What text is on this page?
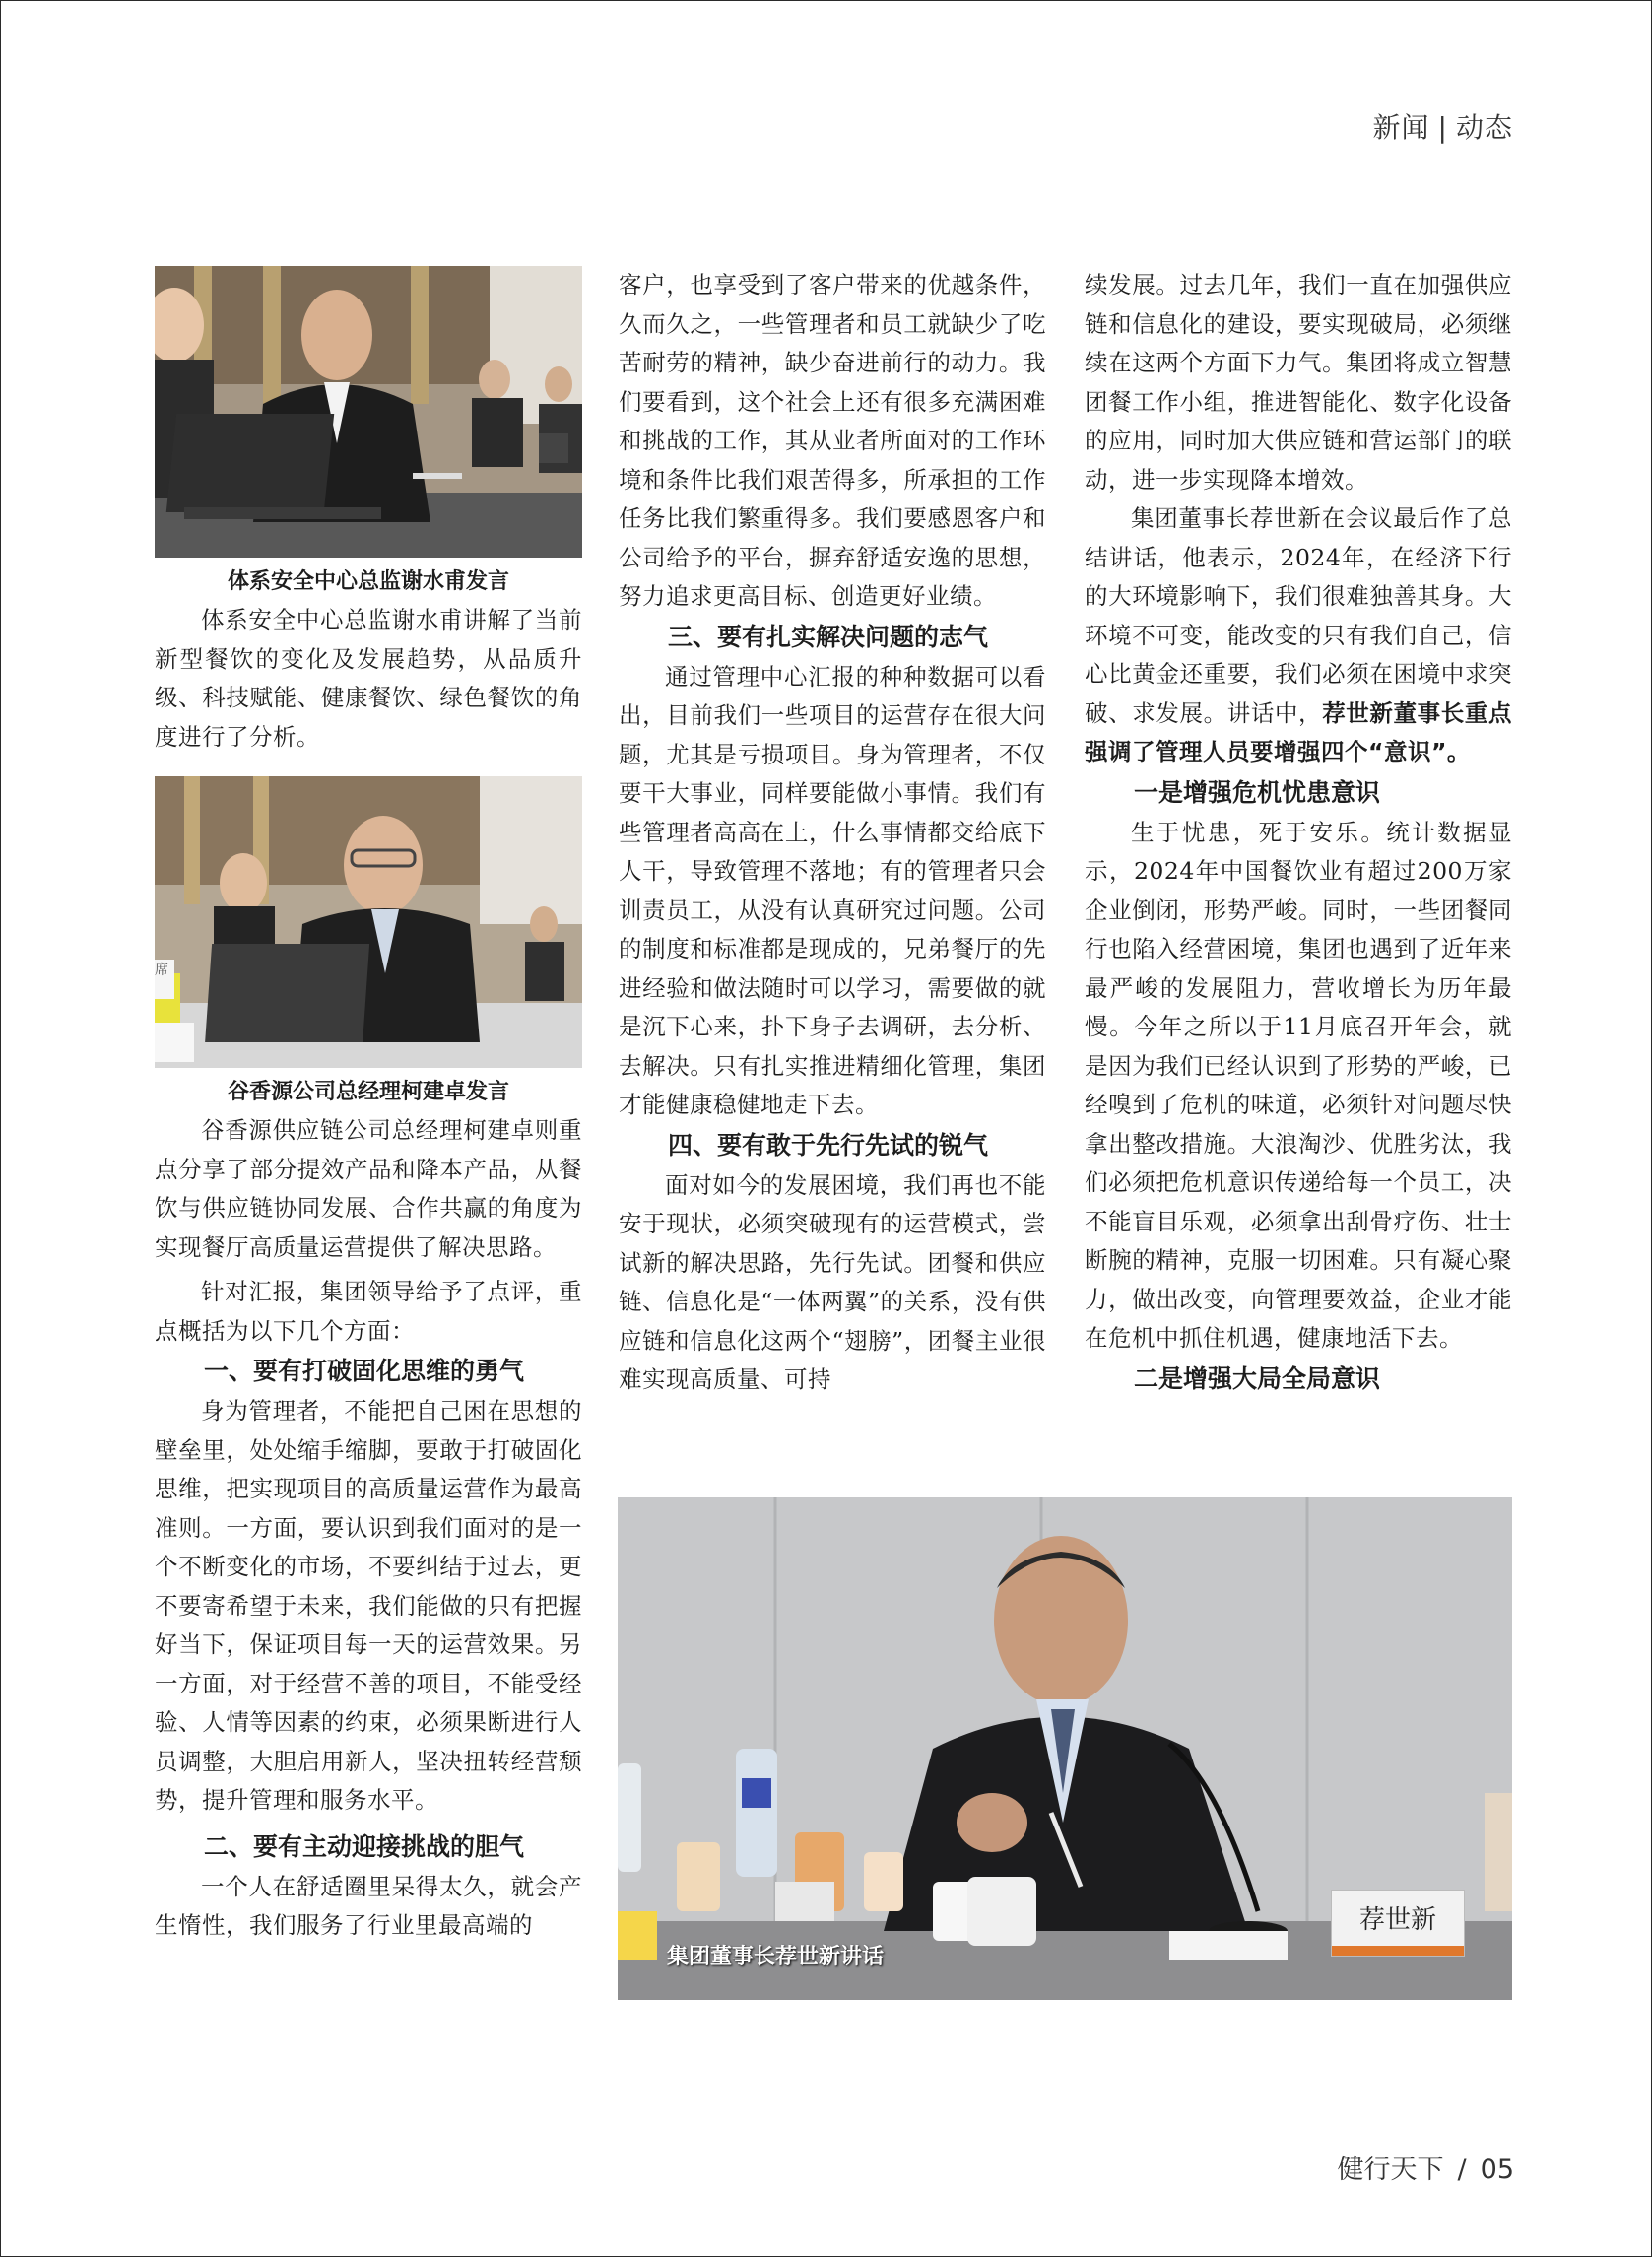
新闻 | 动态
体系安全中心总监谢水甫发言

体系安全中心总监谢水甫讲解了当前新型餐饮的变化及发展趋势，从品质升级、科技赋能、健康餐饮、绿色餐饮的角度进行了分析。

席
谷香源公司总经理柯建卓发言

谷香源供应链公司总经理柯建卓则重点分享了部分提效产品和降本产品，从餐饮与供应链协同发展、合作共赢的角度为实现餐厅高质量运营提供了解决思路。

针对汇报，集团领导给予了点评，重点概括为以下几个方面：

一、要有打破固化思维的勇气

身为管理者，不能把自己困在思想的壁垒里，处处缩手缩脚，要敢于打破固化思维，把实现项目的高质量运营作为最高准则。一方面，要认识到我们面对的是一个不断变化的市场，不要纠结于过去，更不要寄希望于未来，我们能做的只有把握好当下，保证项目每一天的运营效果。另一方面，对于经营不善的项目，不能受经验、人情等因素的约束，必须果断进行人员调整，大胆启用新人，坚决扭转经营颓势，提升管理和服务水平。

二、要有主动迎接挑战的胆气

一个人在舒适圈里呆得太久，就会产生惰性，我们服务了行业里最高端的

客户，也享受到了客户带来的优越条件，久而久之，一些管理者和员工就缺少了吃苦耐劳的精神，缺少奋进前行的动力。我们要看到，这个社会上还有很多充满困难和挑战的工作，其从业者所面对的工作环境和条件比我们艰苦得多，所承担的工作任务比我们繁重得多。我们要感恩客户和公司给予的平台，摒弃舒适安逸的思想，努力追求更高目标、创造更好业绩。

三、要有扎实解决问题的志气

通过管理中心汇报的种种数据可以看出，目前我们一些项目的运营存在很大问题，尤其是亏损项目。身为管理者，不仅要干大事业，同样要能做小事情。我们有些管理者高高在上，什么事情都交给底下人干，导致管理不落地；有的管理者只会训责员工，从没有认真研究过问题。公司的制度和标准都是现成的，兄弟餐厅的先进经验和做法随时可以学习，需要做的就是沉下心来，扑下身子去调研，去分析、去解决。只有扎实推进精细化管理，集团才能健康稳健地走下去。

四、要有敢于先行先试的锐气

面对如今的发展困境，我们再也不能安于现状，必须突破现有的运营模式，尝试新的解决思路，先行先试。团餐和供应链、信息化是“一体两翼”的关系，没有供应链和信息化这两个“翅膀”，团餐主业很难实现高质量、可持

续发展。过去几年，我们一直在加强供应链和信息化的建设，要实现破局，必须继续在这两个方面下力气。集团将成立智慧团餐工作小组，推进智能化、数字化设备的应用，同时加大供应链和营运部门的联动，进一步实现降本增效。

集团董事长荐世新在会议最后作了总结讲话，他表示，2024年，在经济下行的大环境影响下，我们很难独善其身。大环境不可变，能改变的只有我们自己，信心比黄金还重要，我们必须在困境中求突破、求发展。讲话中，荐世新董事长重点强调了管理人员要增强四个“意识”。

一是增强危机忧患意识

生于忧患，死于安乐。统计数据显示，2024年中国餐饮业有超过200万家企业倒闭，形势严峻。同时，一些团餐同行也陷入经营困境，集团也遇到了近年来最严峻的发展阻力，营收增长为历年最慢。今年之所以于11月底召开年会，就是因为我们已经认识到了形势的严峻，已经嗅到了危机的味道，必须针对问题尽快拿出整改措施。大浪淘沙、优胜劣汰，我们必须把危机意识传递给每一个员工，决不能盲目乐观，必须拿出刮骨疗伤、壮士断腕的精神，克服一切困难。只有凝心聚力，做出改变，向管理要效益，企业才能在危机中抓住机遇，健康地活下去。

二是增强大局全局意识
集团董事长荐世新讲话
荐世新
健行天下 / 05
